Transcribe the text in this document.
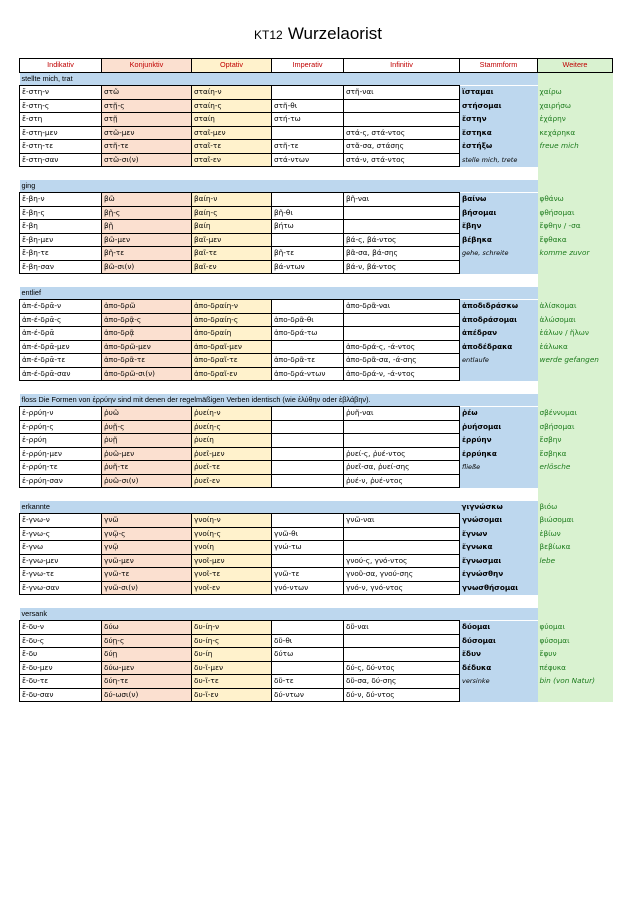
KT12 Wurzelaorist
Indikativ	Konjunktiv	Optativ	Imperativ	Infinitiv	Stammform	Weitere
stellte mich, trat						
ἔ-στη-ν	στῶ	σταίη-ν		στῆ-ναι	ἵσταμαι	χαίρω
ἔ-στη-ς	στῇ-ς	σταίη-ς	στῆ-θι		στήσομαι	χαιρήσω
ἔ-στη	στῇ	σταίη	στή-τω		ἔστην	ἐχάρην
ἔ-στη-μεν	στῶ-μεν	σταῖ-μεν		στά-ς, στά-ντος	ἕστηκα	κεχάρηκα
ἔ-στη-τε	στῆ-τε	σταῖ-τε	στῆ-τε	στᾶ-σα, στάσης	ἑστήξω	freue mich
ἔ-στη-σαν	στῶ-σι(ν)	σταῖ-εν	στά-ντων	στά-ν, στά-ντος	stelle mich, trete	

ging						
ἔ-βη-ν	βῶ	βαίη-ν		βῆ-ναι	βαίνω	φθάνω
ἔ-βη-ς	βῇ-ς	βαίη-ς	βῆ-θι		βήσομαι	φθήσομαι
ἔ-βη	βῇ	βαίη	βήτω		ἔβην	ἔφθην / -σα
ἔ-βη-μεν	βῶ-μεν	βαῖ-μεν		βά-ς, βά-ντος	βέβηκα	ἔφθακα
ἔ-βη-τε	βῆ-τε	βαῖ-τε	βῆ-τε	βᾶ-σα, βά-σης	gehe, schreite	komme zuvor
ἔ-βη-σαν	βῶ-σι(ν)	βαῖ-εν	βά-ντων	βά-ν, βά-ντος		

entlief						
ἀπ-έ-δρᾱ-ν	ἀπο-δρῶ	ἀπο-δραίη-ν		ἀπο-δρᾶ-ναι	ἀποδιδράσκω	ἁλίσκομαι
ἀπ-έ-δρᾱ-ς	ἀπο-δρᾷ-ς	ἀπο-δραίη-ς	ἀπο-δρᾶ-θι		ἀποδράσομαι	ἁλώσομαι
ἀπ-έ-δρᾱ	ἀπο-δρᾷ	ἀπο-δραίη	ἀπο-δρά-τω		ἀπέδραν	ἑάλων / ἥλων
ἀπ-έ-δρᾱ-μεν	ἀπο-δρῶ-μεν	ἀπο-δραῖ-μεν		ἀπο-δρά-ς, -ά-ντος	ἀποδέδρακα	ἑάλωκα
ἀπ-έ-δρᾱ-τε	ἀπο-δρᾶ-τε	ἀπο-δραῖ-τε	ἀπο-δρᾶ-τε	ἀπο-δρᾶ-σα, -ά-σης	entlaufe	werde gefangen
ἀπ-έ-δρᾱ-σαν	ἀπο-δρῶ-σι(ν)	ἀπο-δραῖ-εν	ἀπο-δρά-ντων	ἀπο-δρά-ν, -ά-ντος		

floss Die Formen von ἐρρύην sind mit denen der regelmäßigen Verben identisch (wie ἐλύθην oder ἐβλάβην).						
ἐ-ρρύη-ν	ῥυῶ	ῥυείη-ν		ῥυῆ-ναι	ῥέω	σβέννυμαι
ἐ-ρρύη-ς	ῥυῇ-ς	ῥυείη-ς			ῥυήσομαι	σβήσομαι
ἐ-ρρύη	ῥυῇ	ῥυείη			ἐρρύην	ἔσβην
ἐ-ρρύη-μεν	ῥυῶ-μεν	ῥυεῖ-μεν		ῥυεί-ς, ῥυέ-ντος	ἐρρύηκα	ἔσβηκα
ἐ-ρρύη-τε	ῥυῆ-τε	ῥυεῖ-τε		ῥυεῖ-σα, ῥυεί-σης	fließe	erlösche
ἐ-ρρύη-σαν	ῥυῶ-σι(ν)	ῥυεῖ-εν		ῥυέ-ν, ῥυέ-ντος		

erkannte					γιγνώσκω	βιόω
ἔ-γνω-ν	γνῶ	γνοίη-ν		γνῶ-ναι	γνώσομαι	βιώσομαι
ἔ-γνω-ς	γνῷ-ς	γνοίη-ς	γνῶ-θι		ἔγνων	ἐβίων
ἔ-γνω	γνῷ	γνοίη	γνώ-τω		ἔγνωκα	βεβίωκα
ἔ-γνω-μεν	γνῶ-μεν	γνοῖ-μεν		γνού-ς, γνό-ντος	ἔγνωσμαι	lebe
ἔ-γνω-τε	γνῶ-τε	γνοῖ-τε	γνῶ-τε	γνοῦ-σα, γνού-σης	ἐγνώσθην	
ἔ-γνω-σαν	γνῶ-σι(ν)	γνοῖ-εν	γνό-ντων	γνό-ν, γνό-ντος	γνωσθήσομαι	

versank						
ἔ-δυ-ν	δύω	δυ-ίη-ν		δῦ-ναι	δύομαι	φύομαι
ἔ-δυ-ς	δύῃ-ς	δυ-ίη-ς	δῦ-θι		δύσομαι	φύσομαι
ἔ-δυ	δύῃ	δυ-ίη	δύτω		ἔδυν	ἔφυν
ἔ-δυ-μεν	δύω-μεν	δυ-ῖ-μεν		δύ-ς, δύ-ντος	δέδυκα	πέφυκα
ἔ-δυ-τε	δύη-τε	δυ-ῖ-τε	δῦ-τε	δῦ-σα, δύ-σης	versinke	bin (von Natur)
ἔ-δυ-σαν	δύ-ωσι(ν)	δυ-ῖ-εν	δύ-ντων	δύ-ν, δύ-ντος		
